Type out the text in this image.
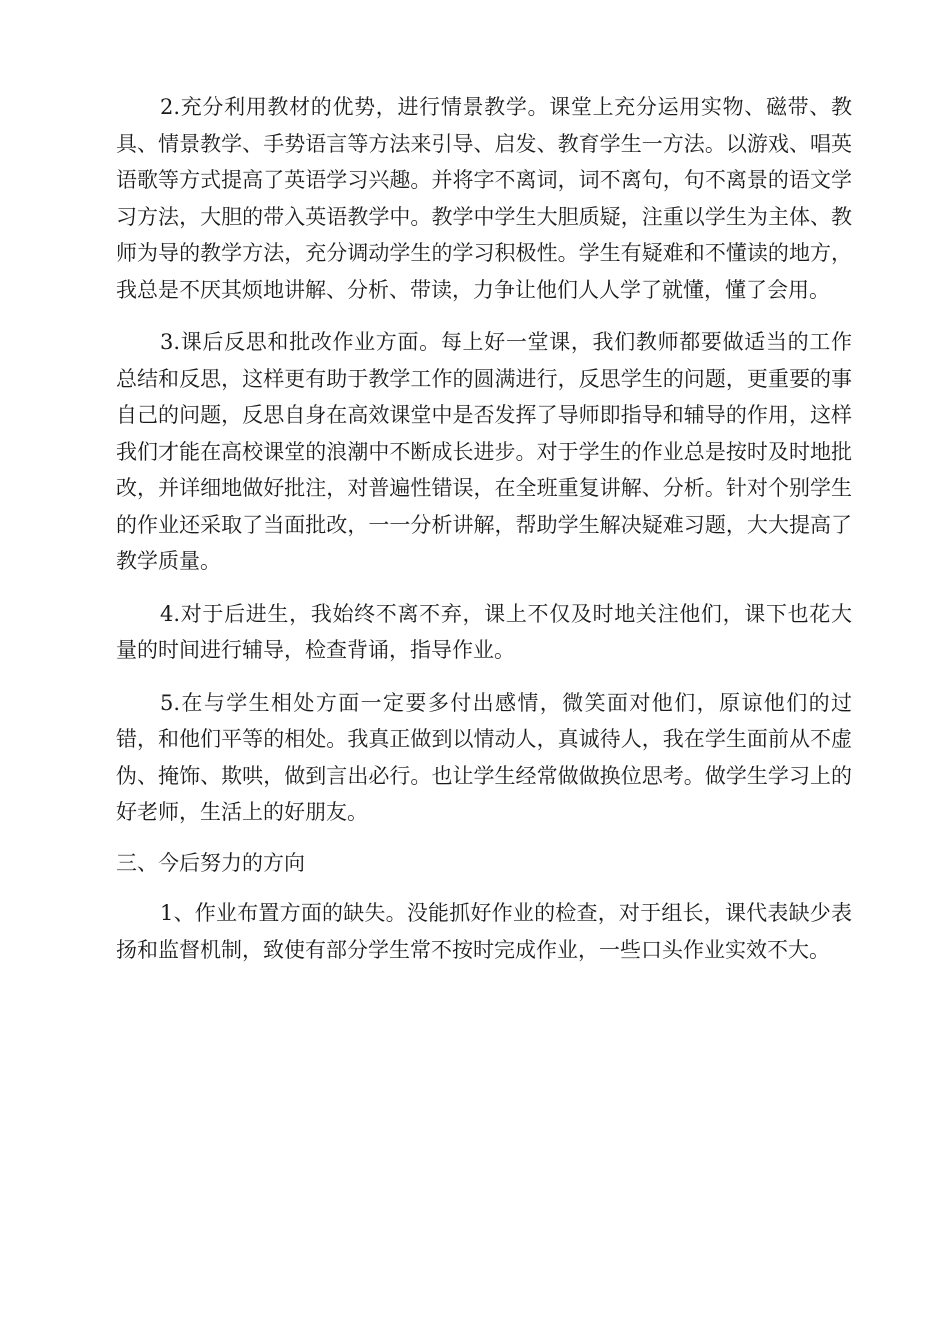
2.充分利用教材的优势，进行情景教学。课堂上充分运用实物、磁带、教具、情景教学、手势语言等方法来引导、启发、教育学生一方法。以游戏、唱英语歌等方式提高了英语学习兴趣。并将字不离词，词不离句，句不离景的语文学习方法，大胆的带入英语教学中。教学中学生大胆质疑，注重以学生为主体、教师为导的教学方法，充分调动学生的学习积极性。学生有疑难和不懂读的地方，我总是不厌其烦地讲解、分析、带读，力争让他们人人学了就懂，懂了会用。

3.课后反思和批改作业方面。每上好一堂课，我们教师都要做适当的工作总结和反思，这样更有助于教学工作的圆满进行，反思学生的问题，更重要的事自己的问题，反思自身在高效课堂中是否发挥了导师即指导和辅导的作用，这样我们才能在高校课堂的浪潮中不断成长进步。对于学生的作业总是按时及时地批改，并详细地做好批注，对普遍性错误，在全班重复讲解、分析。针对个别学生的作业还采取了当面批改，一一分析讲解，帮助学生解决疑难习题，大大提高了教学质量。

4.对于后进生，我始终不离不弃，课上不仅及时地关注他们，课下也花大量的时间进行辅导，检查背诵，指导作业。

5.在与学生相处方面一定要多付出感情，微笑面对他们，原谅他们的过错，和他们平等的相处。我真正做到以情动人，真诚待人，我在学生面前从不虚伪、掩饰、欺哄，做到言出必行。也让学生经常做做换位思考。做学生学习上的好老师，生活上的好朋友。

三、今后努力的方向

1、作业布置方面的缺失。没能抓好作业的检查，对于组长，课代表缺少表扬和监督机制，致使有部分学生常不按时完成作业，一些口头作业实效不大。
